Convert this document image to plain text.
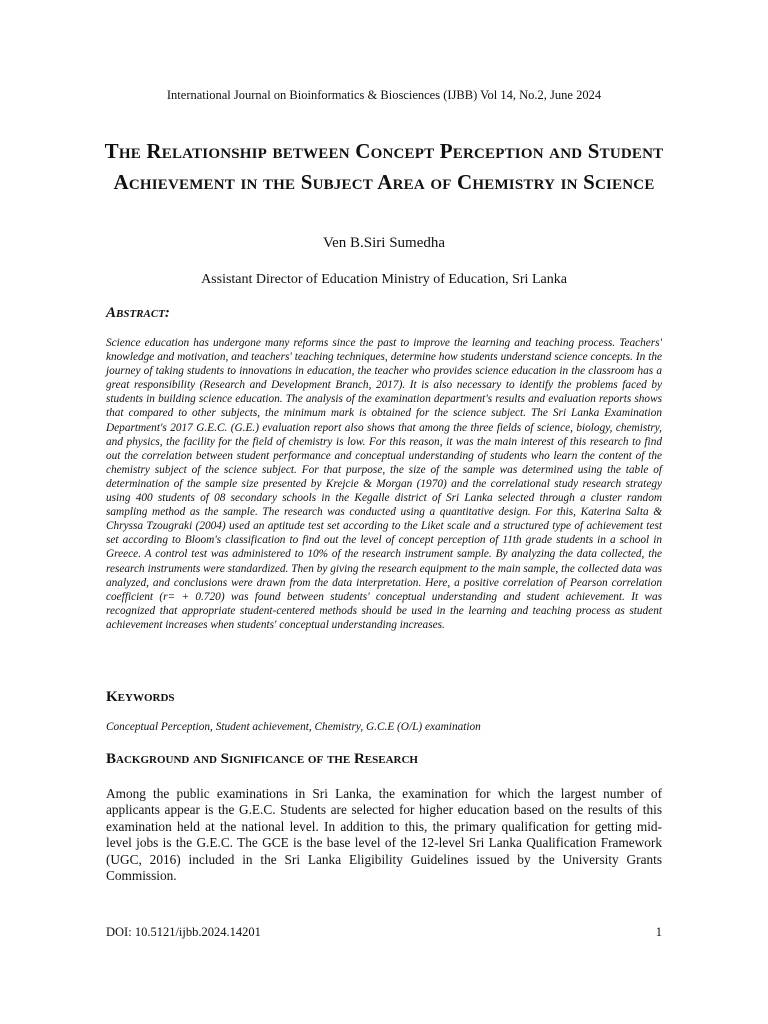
International Journal on Bioinformatics & Biosciences (IJBB) Vol 14, No.2, June 2024
The Relationship between Concept Perception and Student Achievement in the Subject Area of Chemistry in Science
Ven B.Siri Sumedha
Assistant Director of Education Ministry of Education, Sri Lanka
Abstract:

Science education has undergone many reforms since the past to improve the learning and teaching process. Teachers' knowledge and motivation, and teachers' teaching techniques, determine how students understand science concepts. In the journey of taking students to innovations in education, the teacher who provides science education in the classroom has a great responsibility (Research and Development Branch, 2017). It is also necessary to identify the problems faced by students in building science education. The analysis of the examination department's results and evaluation reports shows that compared to other subjects, the minimum mark is obtained for the science subject. The Sri Lanka Examination Department's 2017 G.E.C. (G.E.) evaluation report also shows that among the three fields of science, biology, chemistry, and physics, the facility for the field of chemistry is low. For this reason, it was the main interest of this research to find out the correlation between student performance and conceptual understanding of students who learn the content of the chemistry subject of the science subject. For that purpose, the size of the sample was determined using the table of determination of the sample size presented by Krejcie & Morgan (1970) and the correlational study research strategy using 400 students of 08 secondary schools in the Kegalle district of Sri Lanka selected through a cluster random sampling method as the sample. The research was conducted using a quantitative design. For this, Katerina Salta & Chryssa Tzougraki (2004) used an aptitude test set according to the Liket scale and a structured type of achievement test set according to Bloom's classification to find out the level of concept perception of 11th grade students in a school in Greece. A control test was administered to 10% of the research instrument sample. By analyzing the data collected, the research instruments were standardized. Then by giving the research equipment to the main sample, the collected data was analyzed, and conclusions were drawn from the data interpretation. Here, a positive correlation of Pearson correlation coefficient (r= + 0.720) was found between students' conceptual understanding and student achievement. It was recognized that appropriate student-centered methods should be used in the learning and teaching process as student achievement increases when students' conceptual understanding increases.

Keywords

Conceptual Perception, Student achievement, Chemistry, G.C.E (O/L) examination

Background and Significance of the Research

Among the public examinations in Sri Lanka, the examination for which the largest number of applicants appear is the G.E.C. Students are selected for higher education based on the results of this examination held at the national level. In addition to this, the primary qualification for getting mid- level jobs is the G.E.C. The GCE is the base level of the 12-level Sri Lanka Qualification Framework (UGC, 2016) included in the Sri Lanka Eligibility Guidelines issued by the University Grants Commission.

DOI: 10.5121/ijbb.2024.14201	1
